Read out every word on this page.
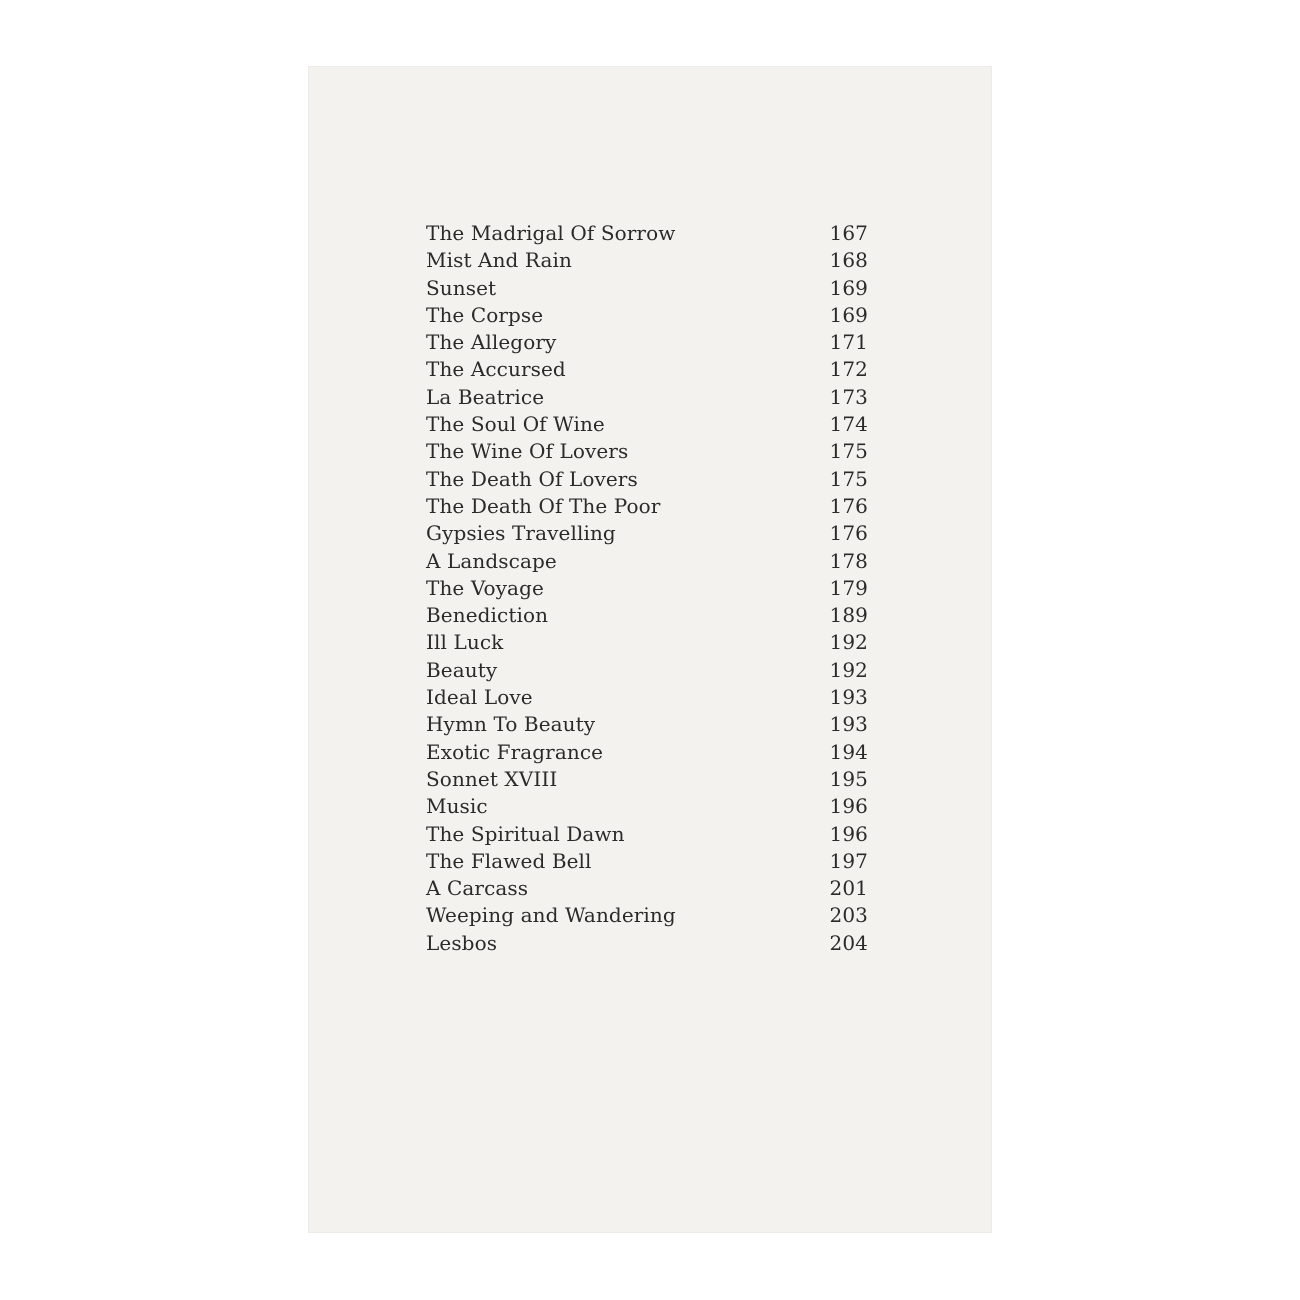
The Madrigal Of Sorrow	167
Mist And Rain	168
Sunset	169
The Corpse	169
The Allegory	171
The Accursed	172
La Beatrice	173
The Soul Of Wine	174
The Wine Of Lovers	175
The Death Of Lovers	175
The Death Of The Poor	176
Gypsies Travelling	176
A Landscape	178
The Voyage	179
Benediction	189
Ill Luck	192
Beauty	192
Ideal Love	193
Hymn To Beauty	193
Exotic Fragrance	194
Sonnet XVIII	195
Music	196
The Spiritual Dawn	196
The Flawed Bell	197
A Carcass	201
Weeping and Wandering	203
Lesbos	204
